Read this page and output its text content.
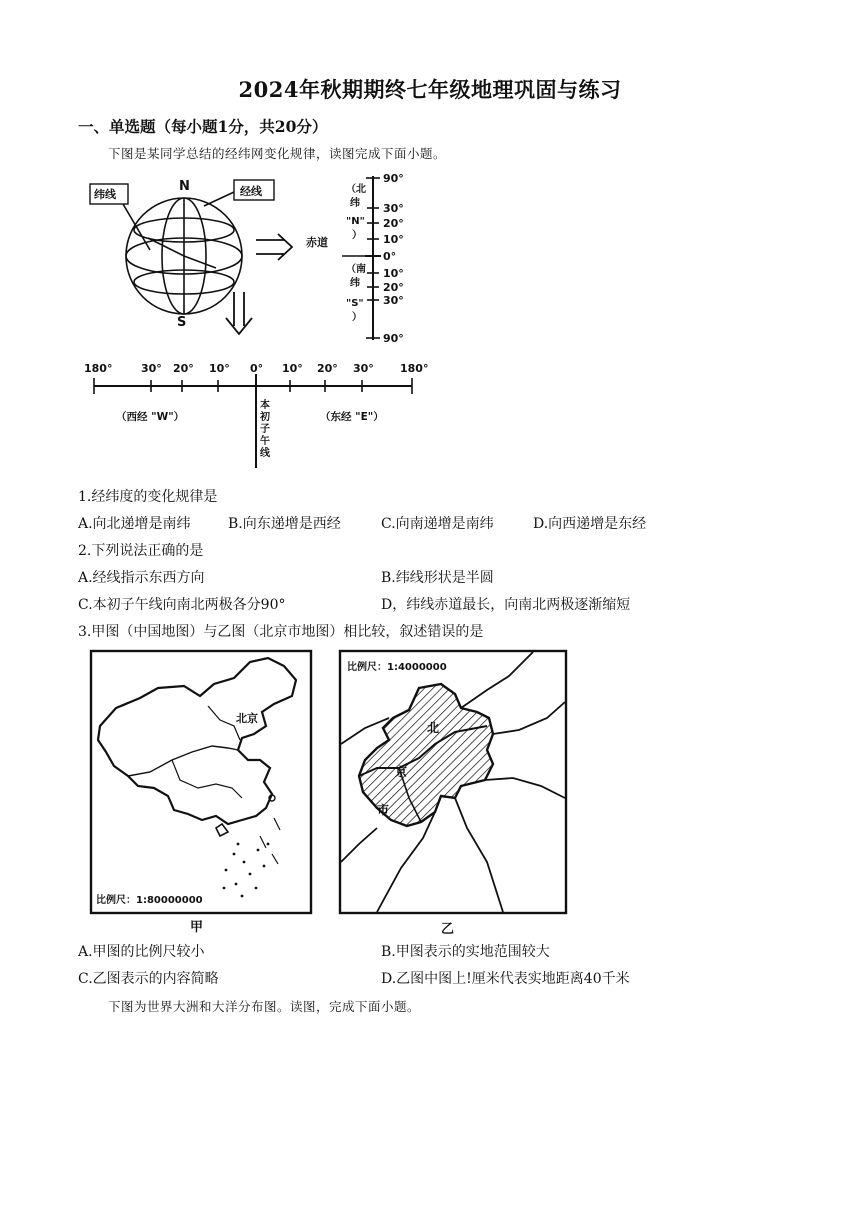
2024年秋期期终七年级地理巩固与练习
一、单选题（每小题1分，共20分）
下图是某同学总结的经纬网变化规律，读图完成下面小题。
纬线	经线
N
S
90°
30°
20°
10°
0°
10°
20°
30°
90°
赤道
（北
纬
"N"
）
（南
纬
"S"
）
180°	30° 20° 10° 0° 10° 20° 30° 180°
（西经 "W"）	（东经 "E"）
本
初
子
午
线
1.经纬度的变化规律是
A.向北递增是南纬	B.向东递增是西经	C.向南递增是南纬	D.向西递增是东经
2.下列说法正确的是
A.经线指示东西方向	B.纬线形状是半圆
C.本初子午线向南北两极各分90°	D，纬线赤道最长，向南北两极逐渐缩短
3.甲图（中国地图）与乙图（北京市地图）相比较，叙述错误的是
北京
比例尺：1:80000000
甲
北
京
市
比例尺：1:4000000
乙
A.甲图的比例尺较小	B.甲图表示的实地范围较大
C.乙图表示的内容简略	D.乙图中图上!厘米代表实地距离40千米
下图为世界大洲和大洋分布图。读图，完成下面小题。
